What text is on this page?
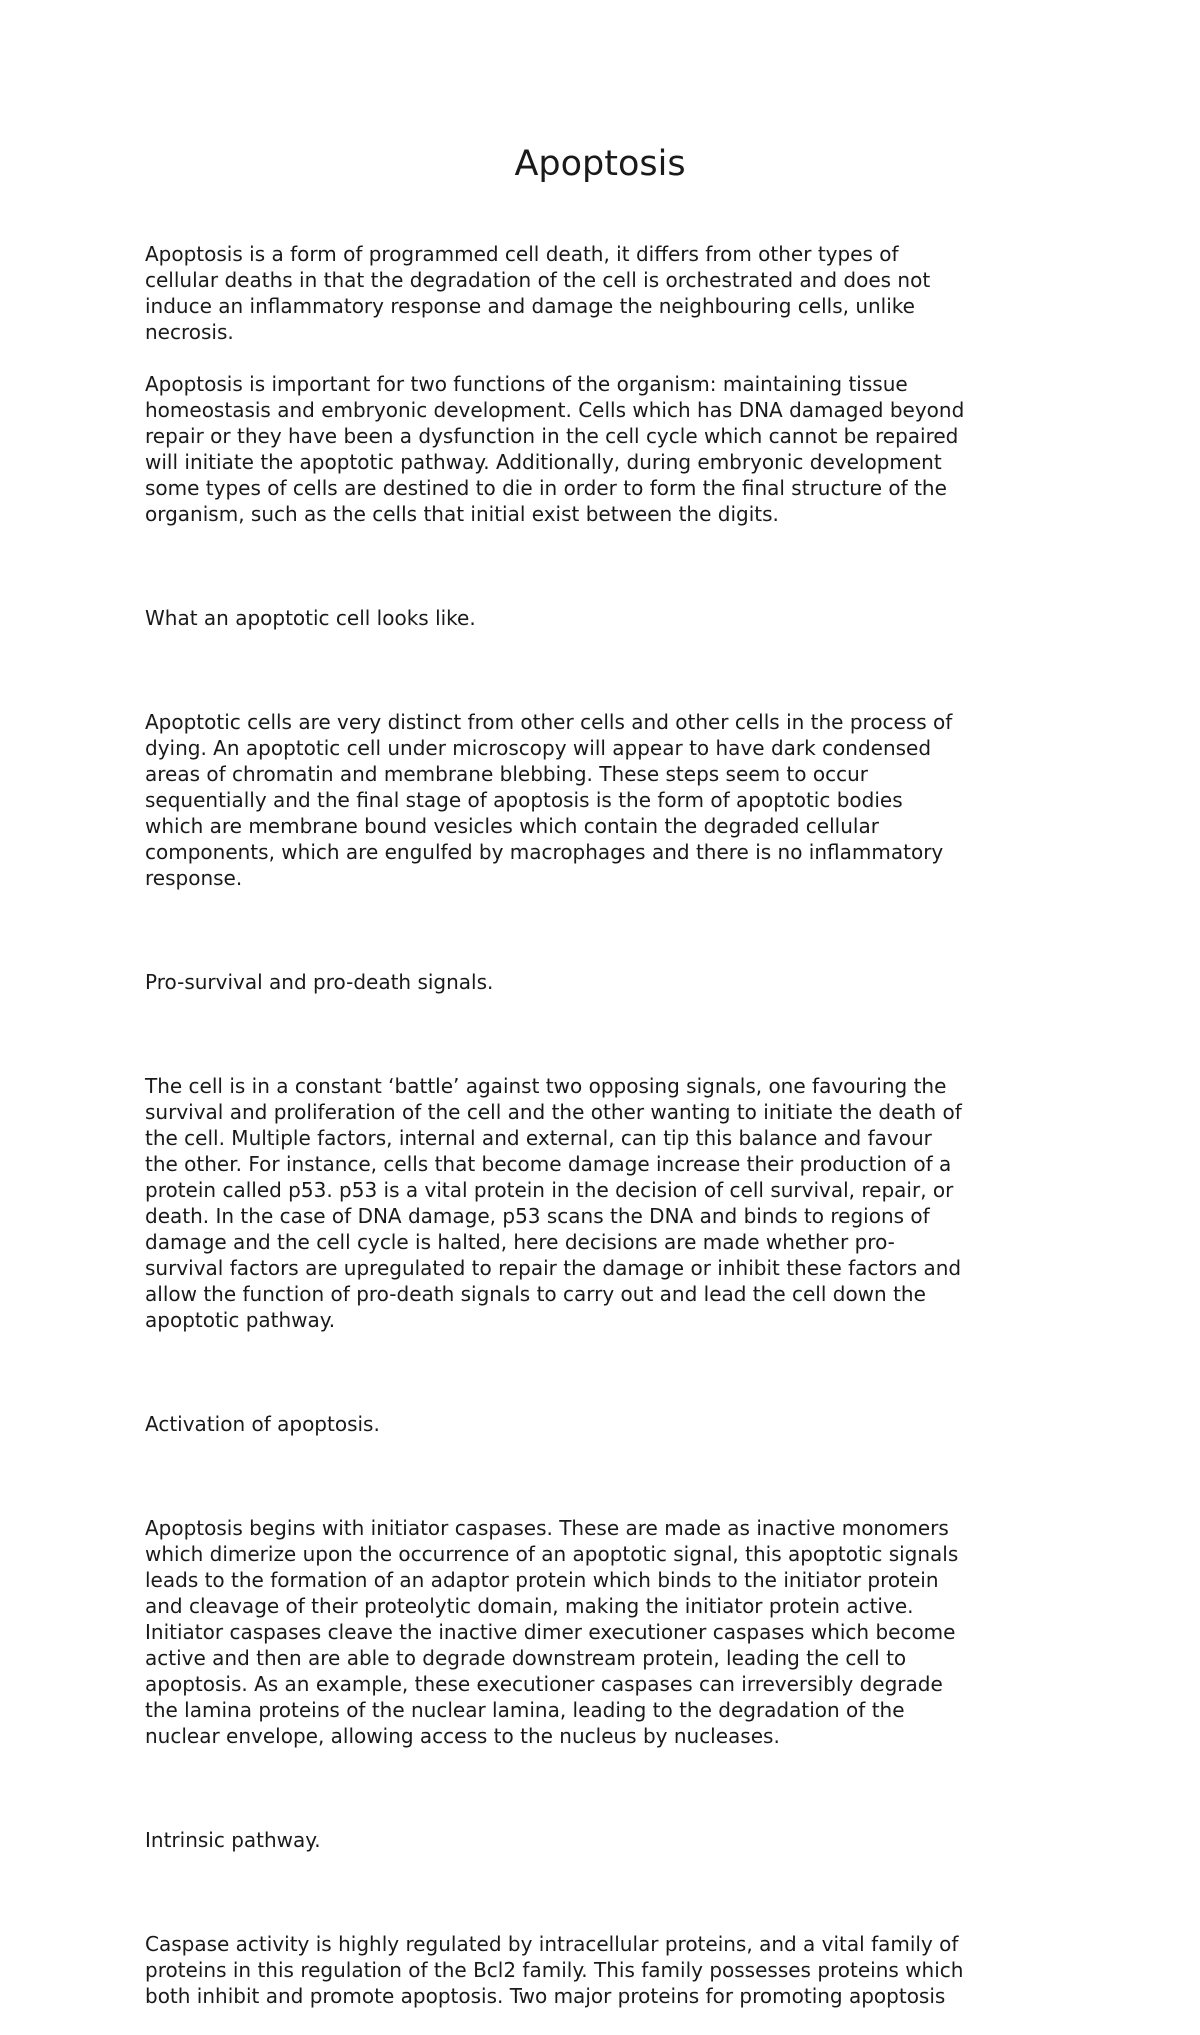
Apoptosis

Apoptosis is a form of programmed cell death, it differs from other types of
cellular deaths in that the degradation of the cell is orchestrated and does not
induce an inflammatory response and damage the neighbouring cells, unlike
necrosis.

Apoptosis is important for two functions of the organism: maintaining tissue
homeostasis and embryonic development. Cells which has DNA damaged beyond
repair or they have been a dysfunction in the cell cycle which cannot be repaired
will initiate the apoptotic pathway. Additionally, during embryonic development
some types of cells are destined to die in order to form the final structure of the
organism, such as the cells that initial exist between the digits.

What an apoptotic cell looks like.

Apoptotic cells are very distinct from other cells and other cells in the process of
dying. An apoptotic cell under microscopy will appear to have dark condensed
areas of chromatin and membrane blebbing. These steps seem to occur
sequentially and the final stage of apoptosis is the form of apoptotic bodies
which are membrane bound vesicles which contain the degraded cellular
components, which are engulfed by macrophages and there is no inflammatory
response.

Pro-survival and pro-death signals.

The cell is in a constant ‘battle’ against two opposing signals, one favouring the
survival and proliferation of the cell and the other wanting to initiate the death of
the cell. Multiple factors, internal and external, can tip this balance and favour
the other. For instance, cells that become damage increase their production of a
protein called p53. p53 is a vital protein in the decision of cell survival, repair, or
death. In the case of DNA damage, p53 scans the DNA and binds to regions of
damage and the cell cycle is halted, here decisions are made whether pro-
survival factors are upregulated to repair the damage or inhibit these factors and
allow the function of pro-death signals to carry out and lead the cell down the
apoptotic pathway.

Activation of apoptosis.

Apoptosis begins with initiator caspases. These are made as inactive monomers
which dimerize upon the occurrence of an apoptotic signal, this apoptotic signals
leads to the formation of an adaptor protein which binds to the initiator protein
and cleavage of their proteolytic domain, making the initiator protein active.
Initiator caspases cleave the inactive dimer executioner caspases which become
active and then are able to degrade downstream protein, leading the cell to
apoptosis. As an example, these executioner caspases can irreversibly degrade
the lamina proteins of the nuclear lamina, leading to the degradation of the
nuclear envelope, allowing access to the nucleus by nucleases.

Intrinsic pathway.

Caspase activity is highly regulated by intracellular proteins, and a vital family of
proteins in this regulation of the Bcl2 family. This family possesses proteins which
both inhibit and promote apoptosis. Two major proteins for promoting apoptosis
